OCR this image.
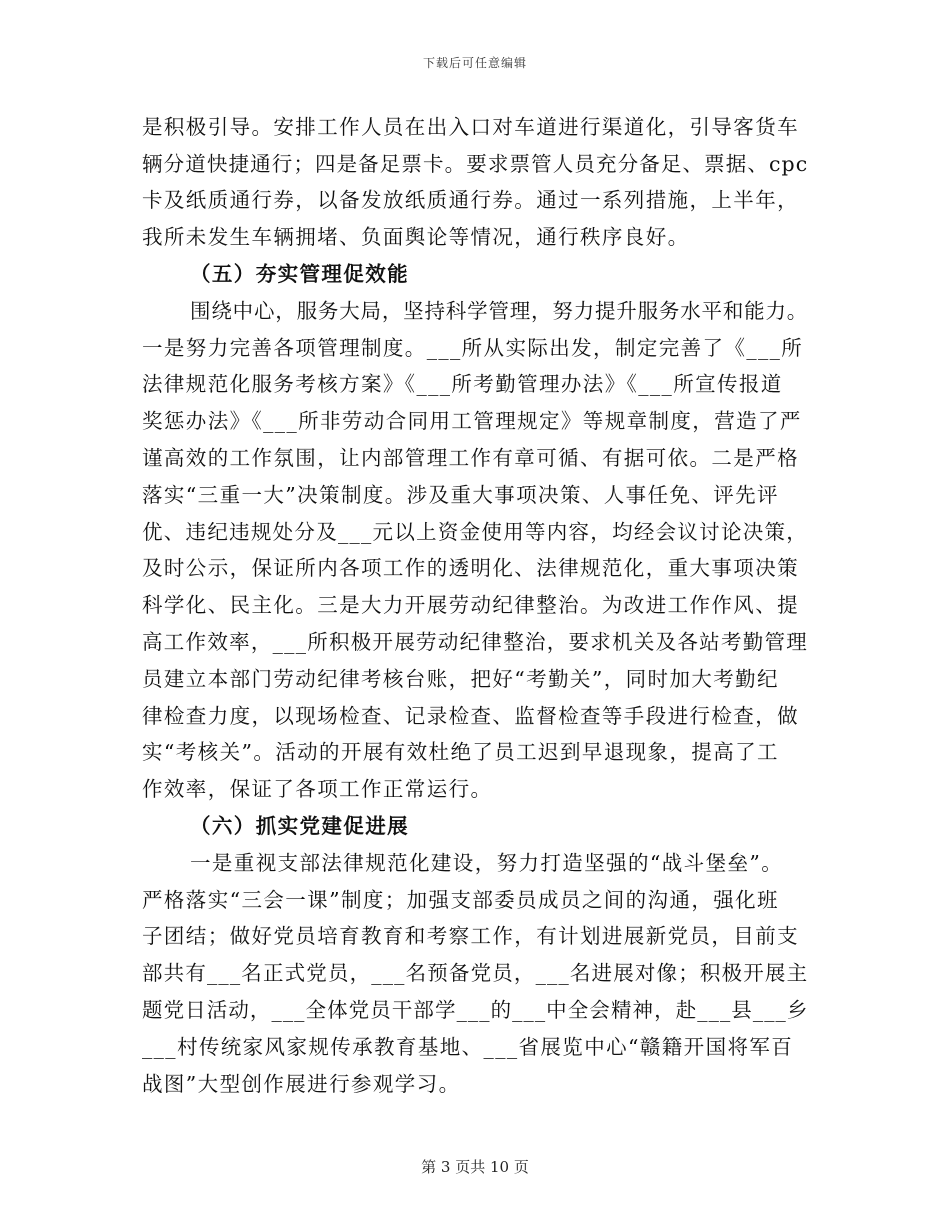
下载后可任意编辑
是积极引导。安排工作人员在出入口对车道进行渠道化，引导客货车
辆分道快捷通行；四是备足票卡。要求票管人员充分备足、票据、cpc
卡及纸质通行券，以备发放纸质通行券。通过一系列措施，上半年，
我所未发生车辆拥堵、负面舆论等情况，通行秩序良好。
（五）夯实管理促效能
围绕中心，服务大局，坚持科学管理，努力提升服务水平和能力。
一是努力完善各项管理制度。___所从实际出发，制定完善了《___所
法律规范化服务考核方案》《___所考勤管理办法》《___所宣传报道
奖惩办法》《___所非劳动合同用工管理规定》等规章制度，营造了严
谨高效的工作氛围，让内部管理工作有章可循、有据可依。二是严格
落实“三重一大”决策制度。涉及重大事项决策、人事任免、评先评
优、违纪违规处分及___元以上资金使用等内容，均经会议讨论决策，
及时公示，保证所内各项工作的透明化、法律规范化，重大事项决策
科学化、民主化。三是大力开展劳动纪律整治。为改进工作作风、提
高工作效率，___所积极开展劳动纪律整治，要求机关及各站考勤管理
员建立本部门劳动纪律考核台账，把好“考勤关”，同时加大考勤纪
律检查力度，以现场检查、记录检查、监督检查等手段进行检查，做
实“考核关”。活动的开展有效杜绝了员工迟到早退现象，提高了工
作效率，保证了各项工作正常运行。
（六）抓实党建促进展
一是重视支部法律规范化建设，努力打造坚强的“战斗堡垒”。
严格落实“三会一课”制度；加强支部委员成员之间的沟通，强化班
子团结；做好党员培育教育和考察工作，有计划进展新党员，目前支
部共有___名正式党员，___名预备党员，___名进展对像；积极开展主
题党日活动，___全体党员干部学___的___中全会精神，赴___县___乡
___村传统家风家规传承教育基地、___省展览中心“赣籍开国将军百
战图”大型创作展进行参观学习。
第 3 页共 10 页
